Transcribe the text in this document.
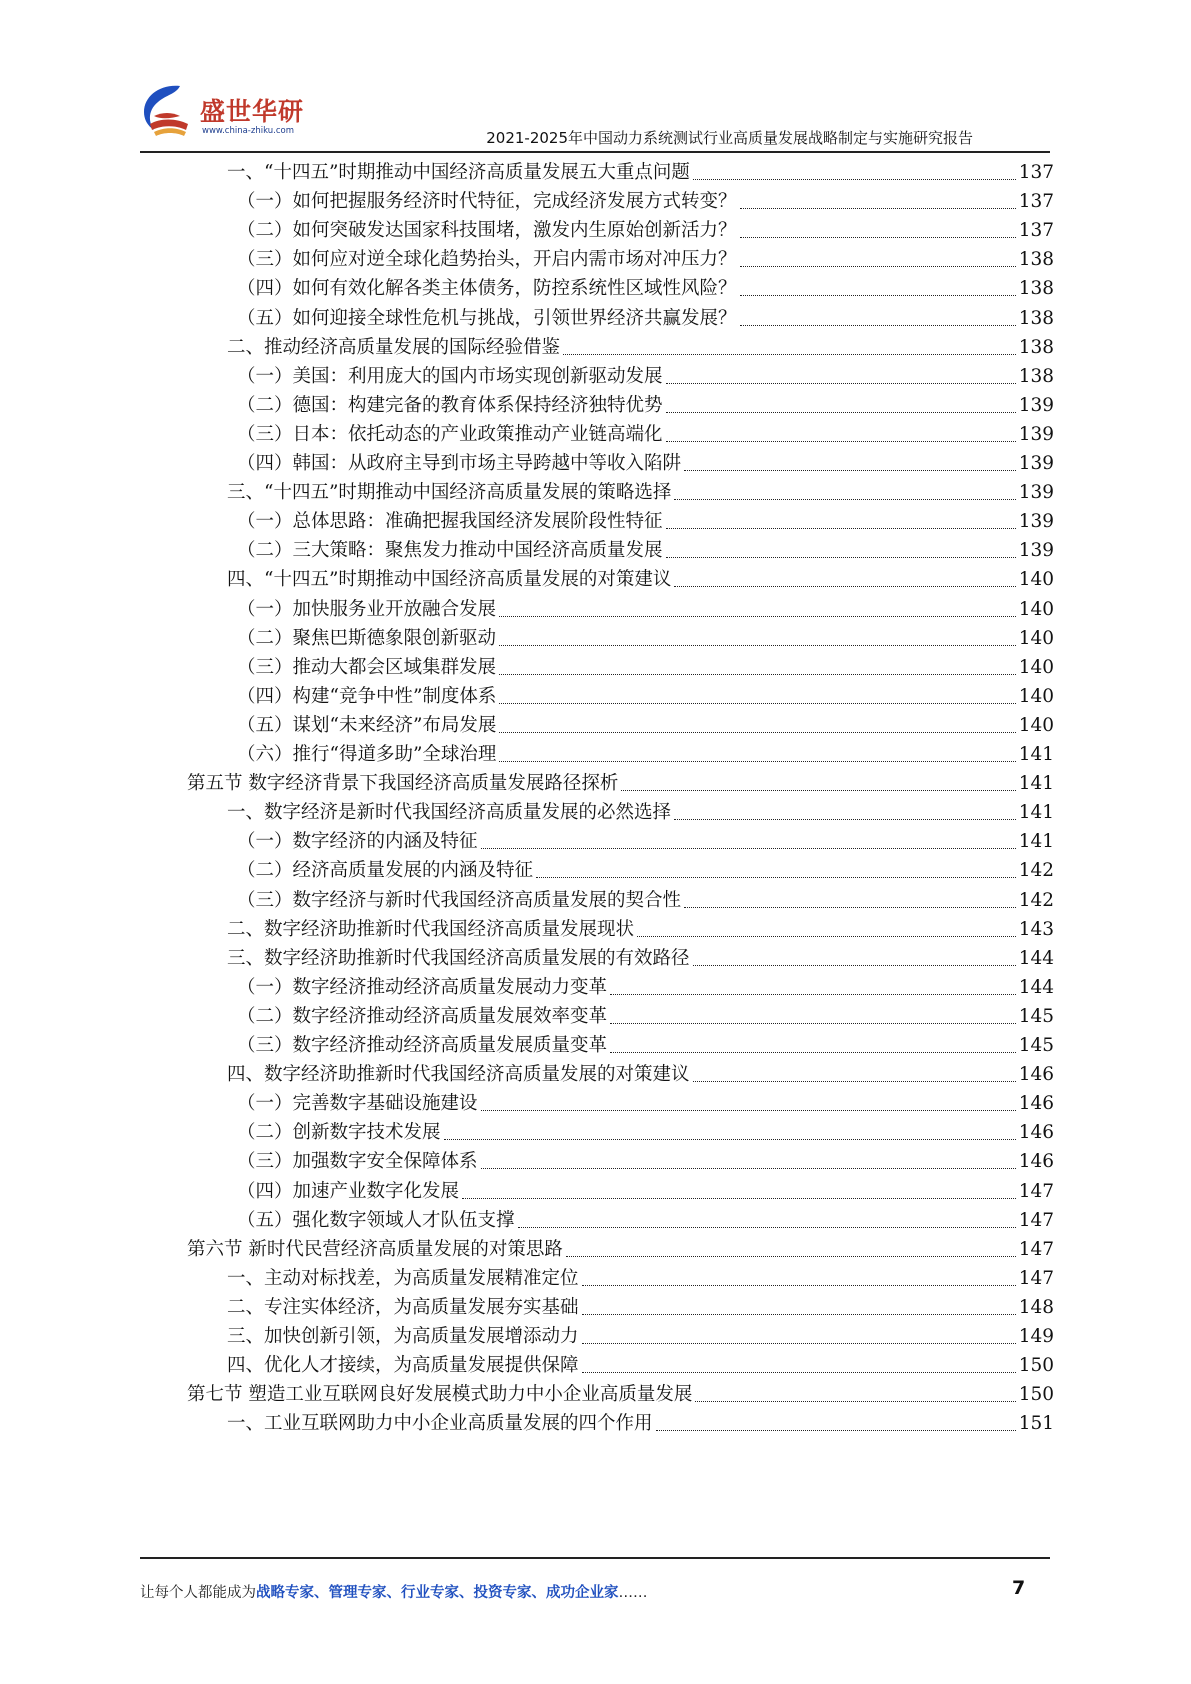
盛世华研
www.china-zhiku.com	2021-2025年中国动力系统测试行业高质量发展战略制定与实施研究报告
一、“十四五”时期推动中国经济高质量发展五大重点问题	137
（一）如何把握服务经济时代特征，完成经济发展方式转变？	137
（二）如何突破发达国家科技围堵，激发内生原始创新活力？	137
（三）如何应对逆全球化趋势抬头，开启内需市场对冲压力？	138
（四）如何有效化解各类主体债务，防控系统性区域性风险？	138
（五）如何迎接全球性危机与挑战，引领世界经济共赢发展？	138
二、推动经济高质量发展的国际经验借鉴	138
（一）美国：利用庞大的国内市场实现创新驱动发展	138
（二）德国：构建完备的教育体系保持经济独特优势	139
（三）日本：依托动态的产业政策推动产业链高端化	139
（四）韩国：从政府主导到市场主导跨越中等收入陷阱	139
三、“十四五”时期推动中国经济高质量发展的策略选择	139
（一）总体思路：准确把握我国经济发展阶段性特征	139
（二）三大策略：聚焦发力推动中国经济高质量发展	139
四、“十四五”时期推动中国经济高质量发展的对策建议	140
（一）加快服务业开放融合发展	140
（二）聚焦巴斯德象限创新驱动	140
（三）推动大都会区域集群发展	140
（四）构建“竞争中性”制度体系	140
（五）谋划“未来经济”布局发展	140
（六）推行“得道多助”全球治理	141
第五节 数字经济背景下我国经济高质量发展路径探析	141
一、数字经济是新时代我国经济高质量发展的必然选择	141
（一）数字经济的内涵及特征	141
（二）经济高质量发展的内涵及特征	142
（三）数字经济与新时代我国经济高质量发展的契合性	142
二、数字经济助推新时代我国经济高质量发展现状	143
三、数字经济助推新时代我国经济高质量发展的有效路径	144
（一）数字经济推动经济高质量发展动力变革	144
（二）数字经济推动经济高质量发展效率变革	145
（三）数字经济推动经济高质量发展质量变革	145
四、数字经济助推新时代我国经济高质量发展的对策建议	146
（一）完善数字基础设施建设	146
（二）创新数字技术发展	146
（三）加强数字安全保障体系	146
（四）加速产业数字化发展	147
（五）强化数字领域人才队伍支撑	147
第六节 新时代民营经济高质量发展的对策思路	147
一、主动对标找差，为高质量发展精准定位	147
二、专注实体经济，为高质量发展夯实基础	148
三、加快创新引领，为高质量发展增添动力	149
四、优化人才接续，为高质量发展提供保障	150
第七节 塑造工业互联网良好发展模式助力中小企业高质量发展	150
一、工业互联网助力中小企业高质量发展的四个作用	151
让每个人都能成为战略专家、管理专家、行业专家、投资专家、成功企业家……	7
